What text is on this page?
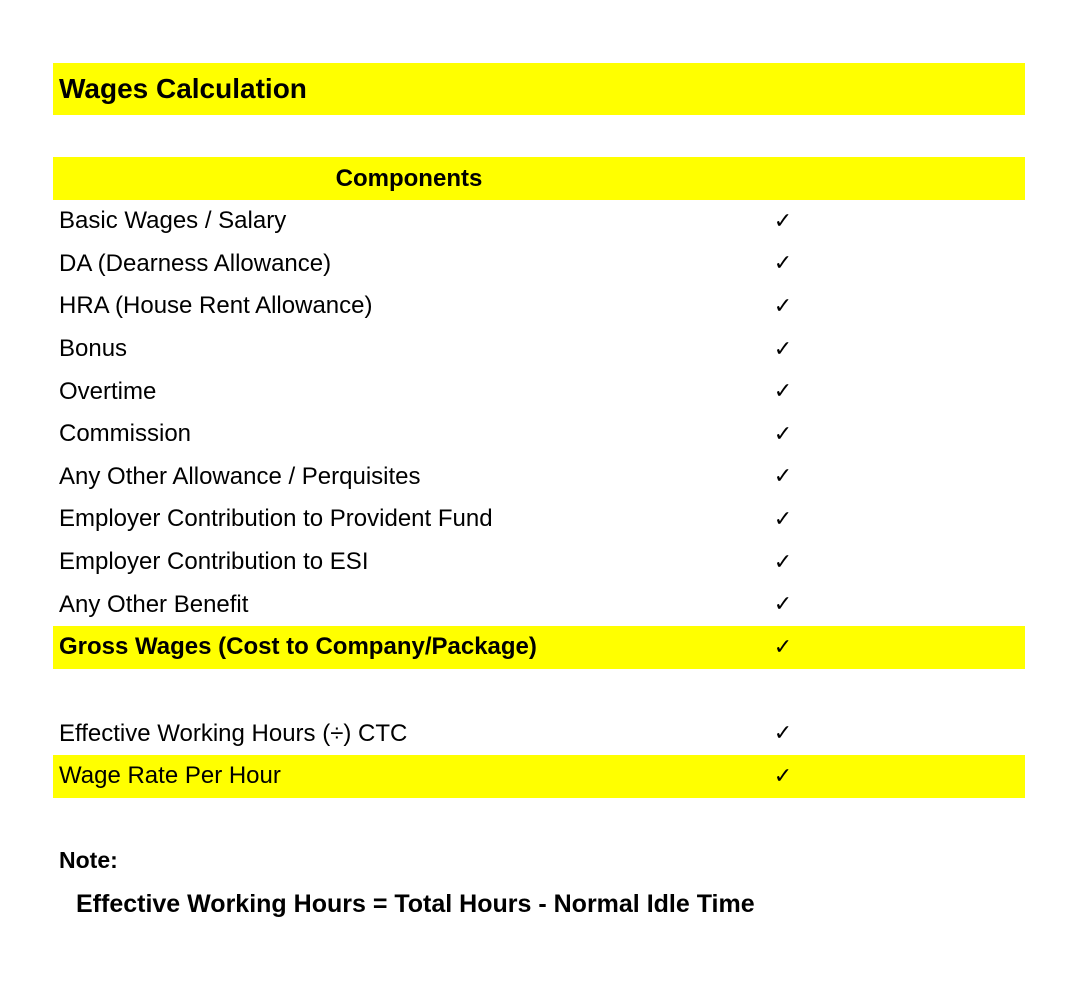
Wages Calculation
Components
Basic Wages / Salary	✓
DA (Dearness Allowance)	✓
HRA (House Rent Allowance)	✓
Bonus	✓
Overtime	✓
Commission	✓
Any Other Allowance / Perquisites	✓
Employer Contribution to Provident Fund	✓
Employer Contribution to ESI	✓
Any Other Benefit	✓
Gross Wages (Cost to Company/Package)	✓
Effective Working Hours (÷) CTC	✓
Wage Rate Per Hour	✓
Note:
Effective Working Hours = Total Hours - Normal Idle Time
